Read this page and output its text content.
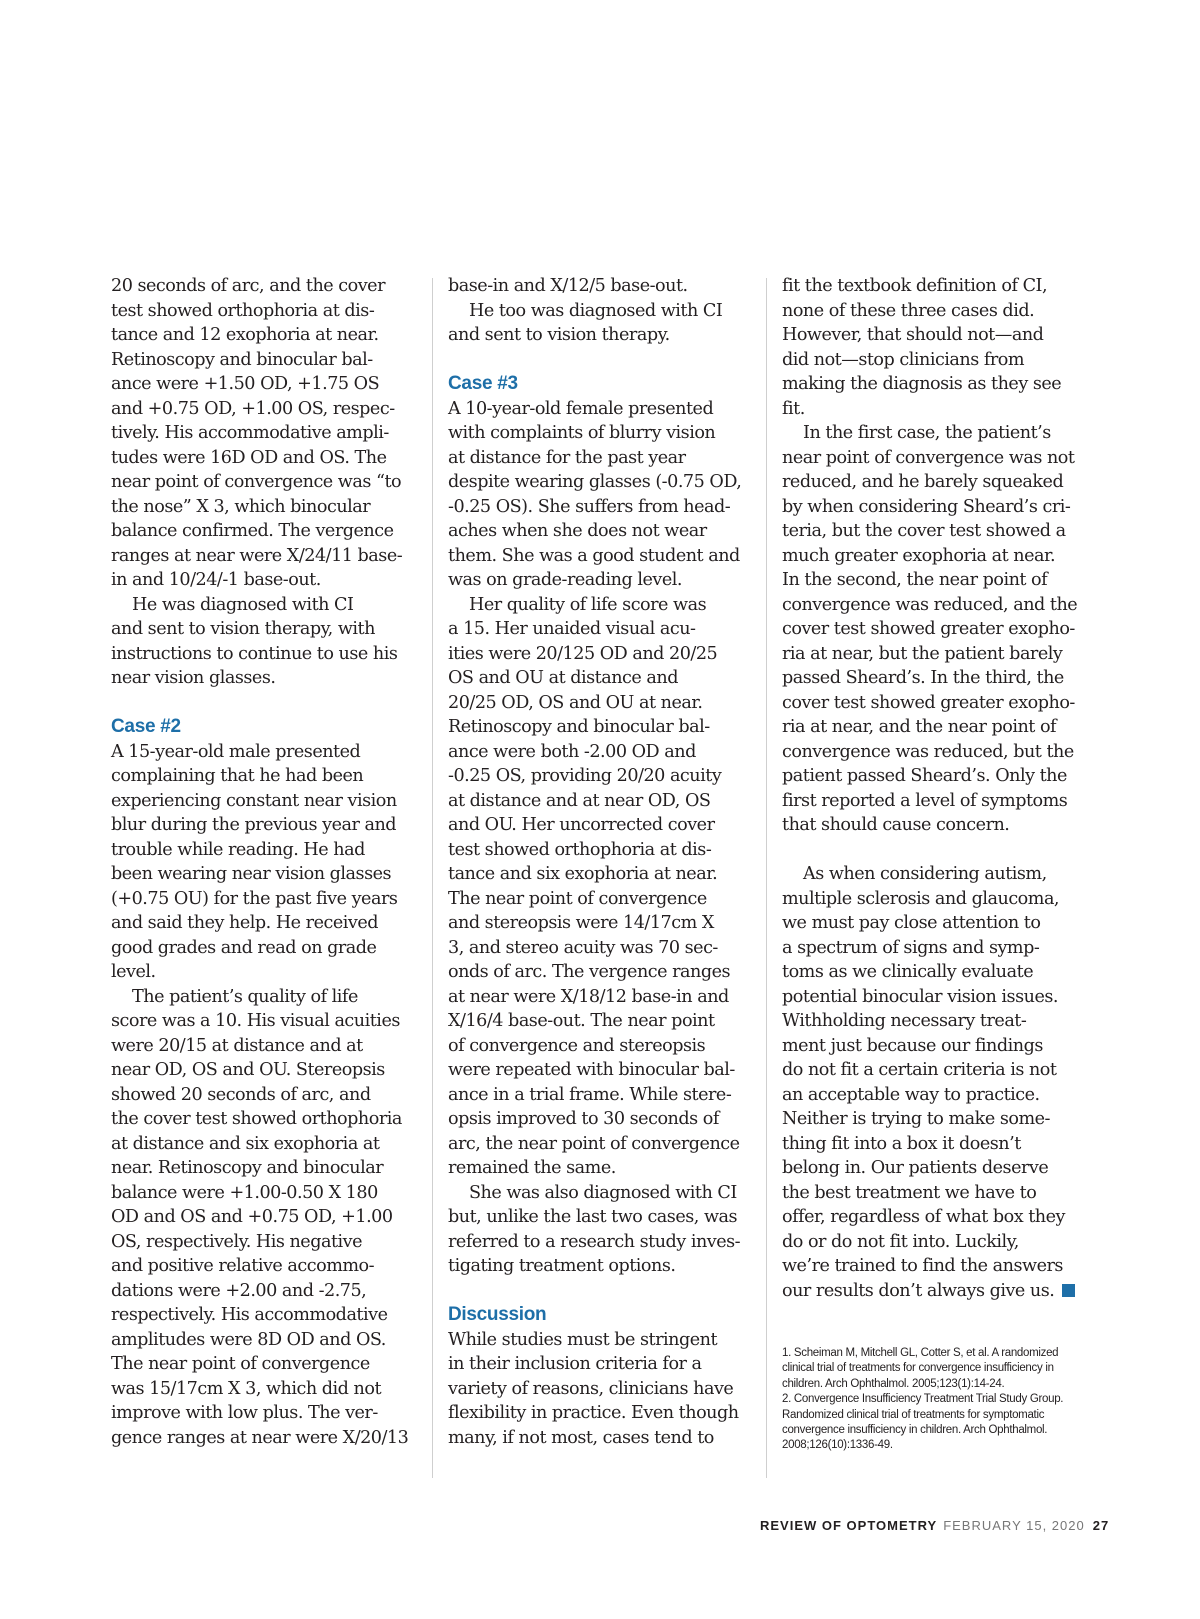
20 seconds of arc, and the cover
test showed orthophoria at dis-
tance and 12 exophoria at near.
Retinoscopy and binocular bal-
ance were +1.50 OD, +1.75 OS
and +0.75 OD, +1.00 OS, respec-
tively. His accommodative ampli-
tudes were 16D OD and OS. The
near point of convergence was “to
the nose” X 3, which binocular
balance confirmed. The vergence
ranges at near were X/24/11 base-
in and 10/24/-1 base-out.
He was diagnosed with CI
and sent to vision therapy, with
instructions to continue to use his
near vision glasses.
Case #2
A 15-year-old male presented
complaining that he had been
experiencing constant near vision
blur during the previous year and
trouble while reading. He had
been wearing near vision glasses
(+0.75 OU) for the past five years
and said they help. He received
good grades and read on grade
level.
The patient’s quality of life
score was a 10. His visual acuities
were 20/15 at distance and at
near OD, OS and OU. Stereopsis
showed 20 seconds of arc, and
the cover test showed orthophoria
at distance and six exophoria at
near. Retinoscopy and binocular
balance were +1.00-0.50 X 180
OD and OS and +0.75 OD, +1.00
OS, respectively. His negative
and positive relative accommo-
dations were +2.00 and -2.75,
respectively. His accommodative
amplitudes were 8D OD and OS.
The near point of convergence
was 15/17cm X 3, which did not
improve with low plus. The ver-
gence ranges at near were X/20/13
base-in and X/12/5 base-out.
He too was diagnosed with CI
and sent to vision therapy.
Case #3
A 10-year-old female presented
with complaints of blurry vision
at distance for the past year
despite wearing glasses (-0.75 OD,
-0.25 OS). She suffers from head-
aches when she does not wear
them. She was a good student and
was on grade-reading level.
Her quality of life score was
a 15. Her unaided visual acu-
ities were 20/125 OD and 20/25
OS and OU at distance and
20/25 OD, OS and OU at near.
Retinoscopy and binocular bal-
ance were both -2.00 OD and
-0.25 OS, providing 20/20 acuity
at distance and at near OD, OS
and OU. Her uncorrected cover
test showed orthophoria at dis-
tance and six exophoria at near.
The near point of convergence
and stereopsis were 14/17cm X
3, and stereo acuity was 70 sec-
onds of arc. The vergence ranges
at near were X/18/12 base-in and
X/16/4 base-out. The near point
of convergence and stereopsis
were repeated with binocular bal-
ance in a trial frame. While stere-
opsis improved to 30 seconds of
arc, the near point of convergence
remained the same.
She was also diagnosed with CI
but, unlike the last two cases, was
referred to a research study inves-
tigating treatment options.
Discussion
While studies must be stringent
in their inclusion criteria for a
variety of reasons, clinicians have
flexibility in practice. Even though
many, if not most, cases tend to
fit the textbook definition of CI,
none of these three cases did.
However, that should not—and
did not—stop clinicians from
making the diagnosis as they see
fit.
In the first case, the patient’s
near point of convergence was not
reduced, and he barely squeaked
by when considering Sheard’s cri-
teria, but the cover test showed a
much greater exophoria at near.
In the second, the near point of
convergence was reduced, and the
cover test showed greater exopho-
ria at near, but the patient barely
passed Sheard’s. In the third, the
cover test showed greater exopho-
ria at near, and the near point of
convergence was reduced, but the
patient passed Sheard’s. Only the
first reported a level of symptoms
that should cause concern.
As when considering autism,
multiple sclerosis and glaucoma,
we must pay close attention to
a spectrum of signs and symp-
toms as we clinically evaluate
potential binocular vision issues.
Withholding necessary treat-
ment just because our findings
do not fit a certain criteria is not
an acceptable way to practice.
Neither is trying to make some-
thing fit into a box it doesn’t
belong in. Our patients deserve
the best treatment we have to
offer, regardless of what box they
do or do not fit into. Luckily,
we’re trained to find the answers
our results don’t always give us.
1. Scheiman M, Mitchell GL, Cotter S, et al. A randomized
clinical trial of treatments for convergence insufficiency in
children. Arch Ophthalmol. 2005;123(1):14-24.
2. Convergence Insufficiency Treatment Trial Study Group.
Randomized clinical trial of treatments for symptomatic
convergence insufficiency in children. Arch Ophthalmol.
2008;126(10):1336-49.
REVIEW OF OPTOMETRY FEBRUARY 15, 2020 27
